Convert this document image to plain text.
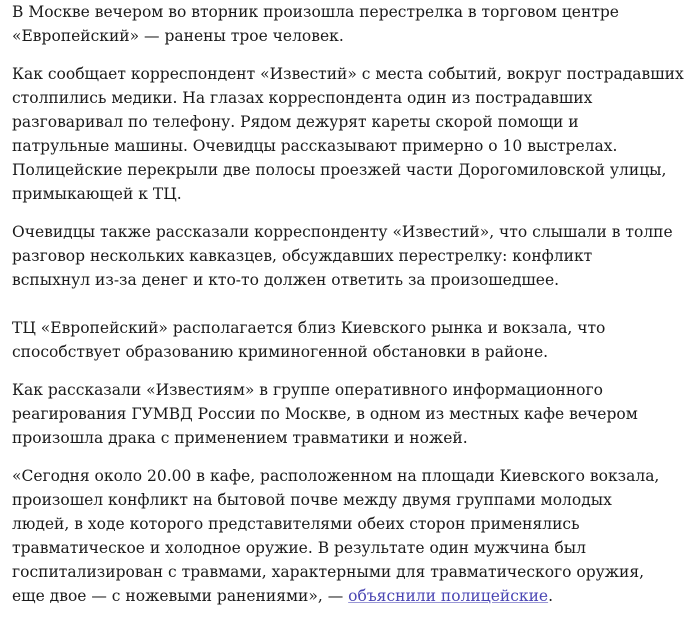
В Москве вечером во вторник произошла перестрелка в торговом центре
«Европейский» — ранены трое человек.

Как сообщает корреспондент «Известий» с места событий, вокруг пострадавших
столпились медики. На глазах корреспондента один из пострадавших
разговаривал по телефону. Рядом дежурят кареты скорой помощи и
патрульные машины. Очевидцы рассказывают примерно о 10 выстрелах.
Полицейские перекрыли две полосы проезжей части Дорогомиловской улицы,
примыкающей к ТЦ.

Очевидцы также рассказали корреспонденту «Известий», что слышали в толпе
разговор нескольких кавказцев, обсуждавших перестрелку: конфликт
вспыхнул из-за денег и кто-то должен ответить за произошедшее.

ТЦ «Европейский» располагается близ Киевского рынка и вокзала, что
способствует образованию криминогенной обстановки в районе.

Как рассказали «Известиям» в группе оперативного информационного
реагирования ГУМВД России по Москве, в одном из местных кафе вечером
произошла драка с применением травматики и ножей.

«Сегодня около 20.00 в кафе, расположенном на площади Киевского вокзала,
произошел конфликт на бытовой почве между двумя группами молодых
людей, в ходе которого представителями обеих сторон применялись
травматическое и холодное оружие. В результате один мужчина был
госпитализирован с травмами, характерными для травматического оружия,
еще двое — с ножевыми ранениями», — объяснили полицейские.
